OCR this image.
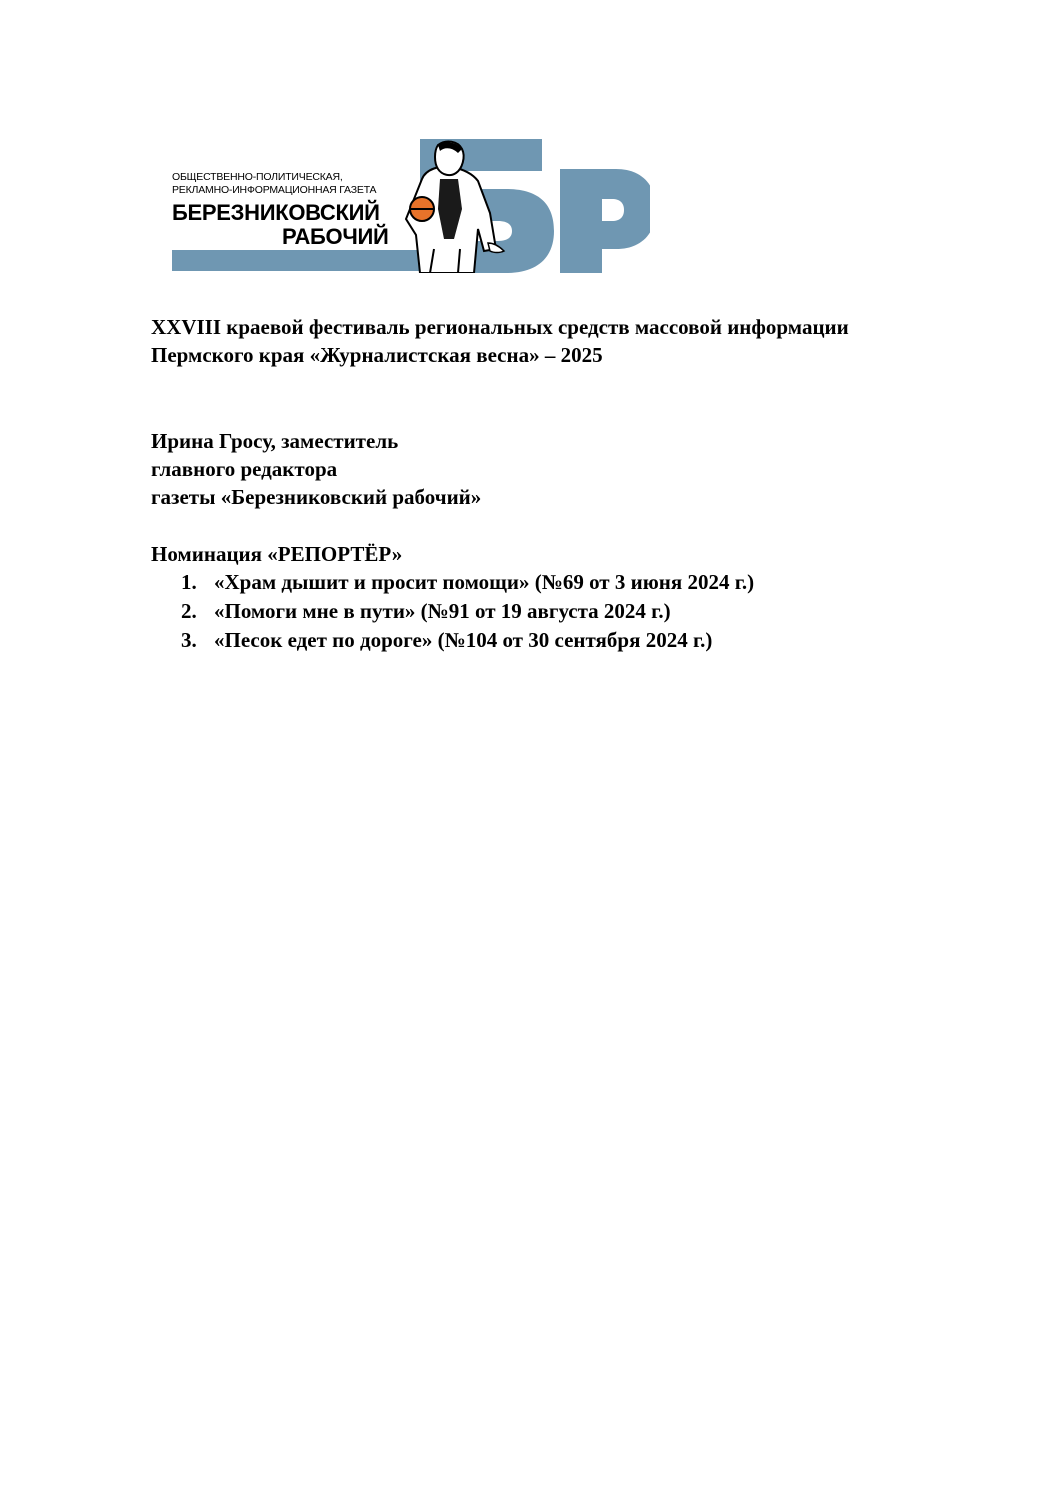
ОБЩЕСТВЕННО-ПОЛИТИЧЕСКАЯ,
РЕКЛАМНО-ИНФОРМАЦИОННАЯ ГАЗЕТА
БЕРЕЗНИКОВСКИЙ
РАБОЧИЙ
XXVIII краевой фестиваль региональных средств массовой информации
Пермского края «Журналистская весна» – 2025
Ирина Гросу, заместитель
главного редактора
газеты «Березниковский рабочий»
Номинация «РЕПОРТЁР»
1. «Храм дышит и просит помощи» (№69 от 3 июня 2024 г.)
2. «Помоги мне в пути» (№91 от 19 августа 2024 г.)
3. «Песок едет по дороге» (№104 от 30 сентября 2024 г.)
